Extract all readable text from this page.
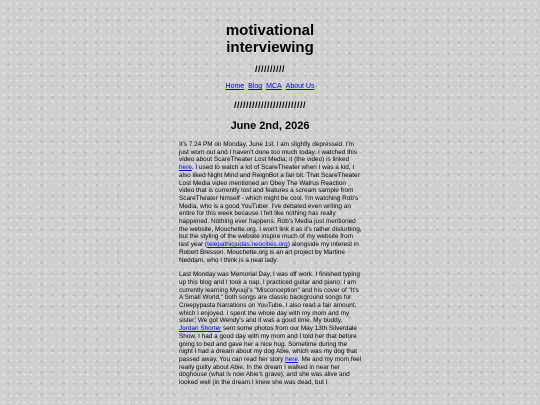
motivational
interviewing
//////////
Home Blog MCA About Us
////////////////////////
June 2nd, 2026

It's 7:24 PM on Monday, June 1st. I am slightly depressed. I'm just worn out and I haven't done too much today. I watched this video about ScareTheater Lost Media; it (the video) is linked here. I used to watch a lot of ScareTheater when I was a kid, I also liked Night Mind and ReignBot a fair bit. That ScareTheater Lost Media video mentioned an Obey The Walrus Reaction video that is currently lost and features a scream sample from ScareTheater himself - which might be cool. I'm watching Rob's Media, who is a good YouTuber. I've debated even writing an entire for this week because I felt like nothing has really happened. Nothing ever happens. Rob's Media just mentioned the website, Mouchette.org. I won't link it as it's rather disturbing, but the styling of the website inspire much of my website from last year (telepathicjudas.neocities.org) alongside my interest in Robert Bresson. Mouchette.org is an art project by Martine Neddam, who I think is a neat lady.

Last Monday was Memorial Day, I was off work. I finished typing up this blog and I took a nap. I practiced guitar and piano; I am currently learning Myuuji's "Misconception" and his cover of "It's A Small World," both songs are classic background songs for Creepypasta Narrations on YouTube. I also read a fair amount, which I enjoyed. I spent the whole day with my mom and my sister; We got Wendy's and it was a good time. My buddy, Jordan Shorter sent some photos from our May 13th Silverdale Show. I had a good day with my mom and I told her that before going to bed and gave her a nice hug. Sometime during the night I had a dream about my dog Abie, which was my dog that passed away. You can read her story here. Me and my mom feel really guilty about Abie. In the dream I walked in near her doghouse (what is now Abie's grave), and she was alive and looked well (in the dream I knew she was dead, but I
